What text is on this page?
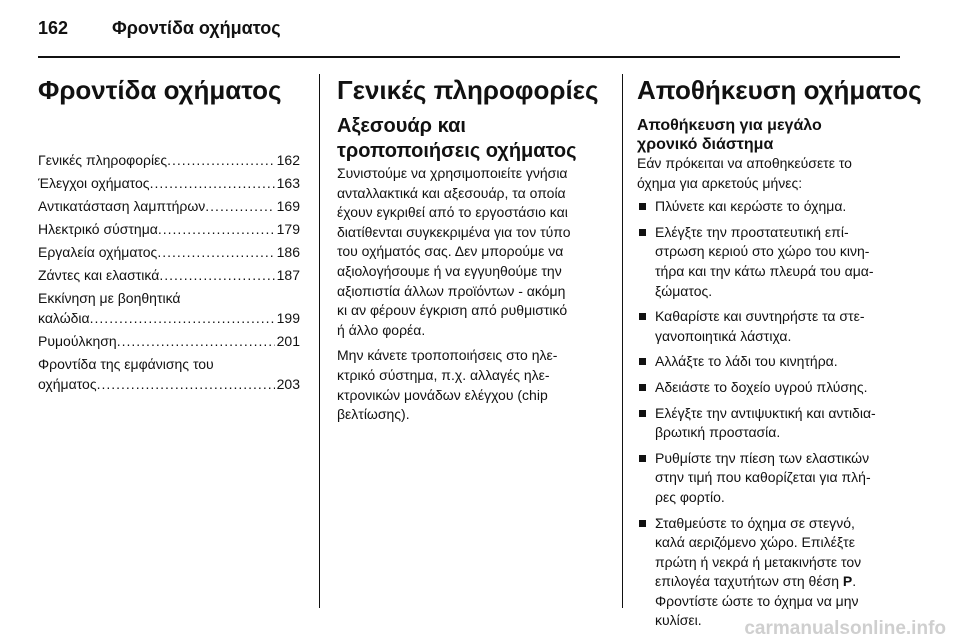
162 Φροντίδα οχήματος
Φροντίδα οχήματος
Γενικές πληροφορίες .....	162
Έλεγχοι οχήματος .....	163
Αντικατάσταση λαμπτήρων .....	169
Ηλεκτρικό σύστημα .....	179
Εργαλεία οχήματος .....	186
Ζάντες και ελαστικά .....	187
Εκκίνηση με βοηθητικά
καλώδια .....	199
Ρυμούλκηση .....	201
Φροντίδα της εμφάνισης του
οχήματος .....	203
Γενικές πληροφορίες
Αξεσουάρ και
τροποποιήσεις οχήματος

Συνιστούμε να χρησιμοποιείτε γνήσια
ανταλλακτικά και αξεσουάρ, τα οποία
έχουν εγκριθεί από το εργοστάσιο και
διατίθενται συγκεκριμένα για τον τύπο
του οχήματός σας. Δεν μπορούμε να
αξιολογήσουμε ή να εγγυηθούμε την
αξιοπιστία άλλων προϊόντων - ακόμη
κι αν φέρουν έγκριση από ρυθμιστικό
ή άλλο φορέα.

Μην κάνετε τροποποιήσεις στο ηλε-
κτρικό σύστημα, π.χ. αλλαγές ηλε-
κτρονικών μονάδων ελέγχου (chip
βελτίωσης).

Αποθήκευση οχήματος
Αποθήκευση για μεγάλο
χρονικό διάστημα

Εάν πρόκειται να αποθηκεύσετε το
όχημα για αρκετούς μήνες:

Πλύνετε και κερώστε το όχημα.
Ελέγξτε την προστατευτική επί-
στρωση κεριού στο χώρο του κινη-
τήρα και την κάτω πλευρά του αμα-
ξώματος.
Καθαρίστε και συντηρήστε τα στε-
γανοποιητικά λάστιχα.
Αλλάξτε το λάδι του κινητήρα.
Αδειάστε το δοχείο υγρού πλύσης.
Ελέγξτε την αντιψυκτική και αντιδια-
βρωτική προστασία.
Ρυθμίστε την πίεση των ελαστικών
στην τιμή που καθορίζεται για πλή-
ρες φορτίο.
Σταθμεύστε το όχημα σε στεγνό,
καλά αεριζόμενο χώρο. Επιλέξτε
πρώτη ή νεκρά ή μετακινήστε τον
επιλογέα ταχυτήτων στη θέση P.
Φροντίστε ώστε το όχημα να μην
κυλίσει.	carmanualsonline.info
